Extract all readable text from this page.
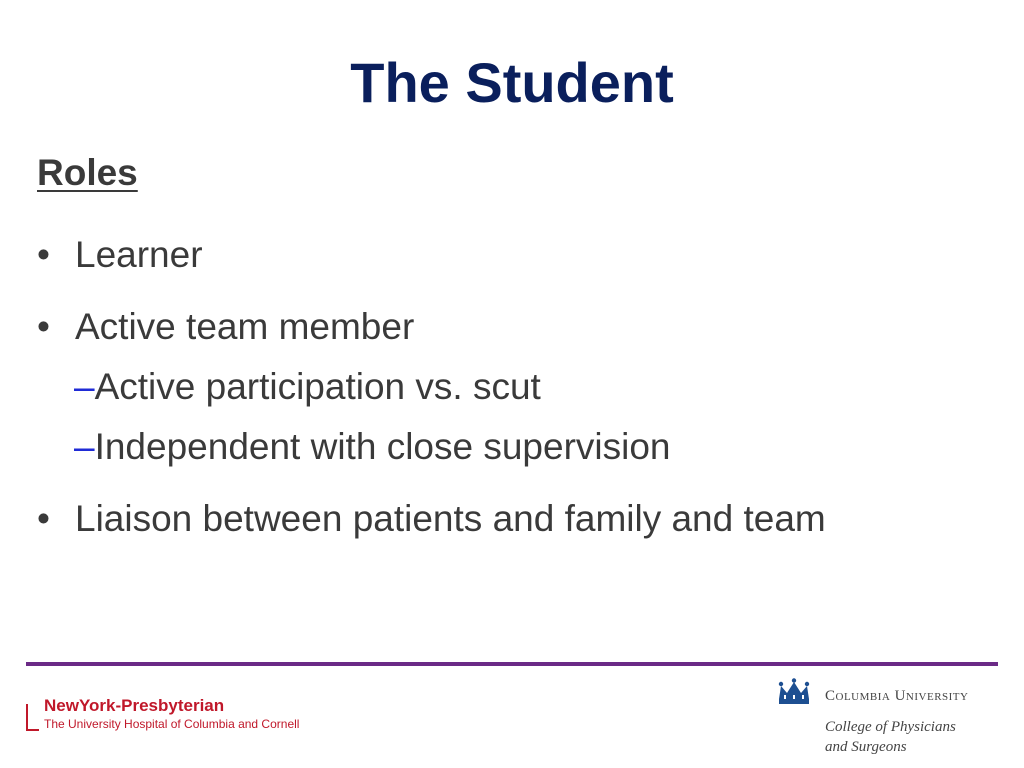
The Student
Roles
• Learner
• Active team member
–Active participation vs. scut
–Independent with close supervision
• Liaison between patients and family and team
NewYork-Presbyterian
The University Hospital of Columbia and Cornell
Columbia University
College of Physicians
and Surgeons
